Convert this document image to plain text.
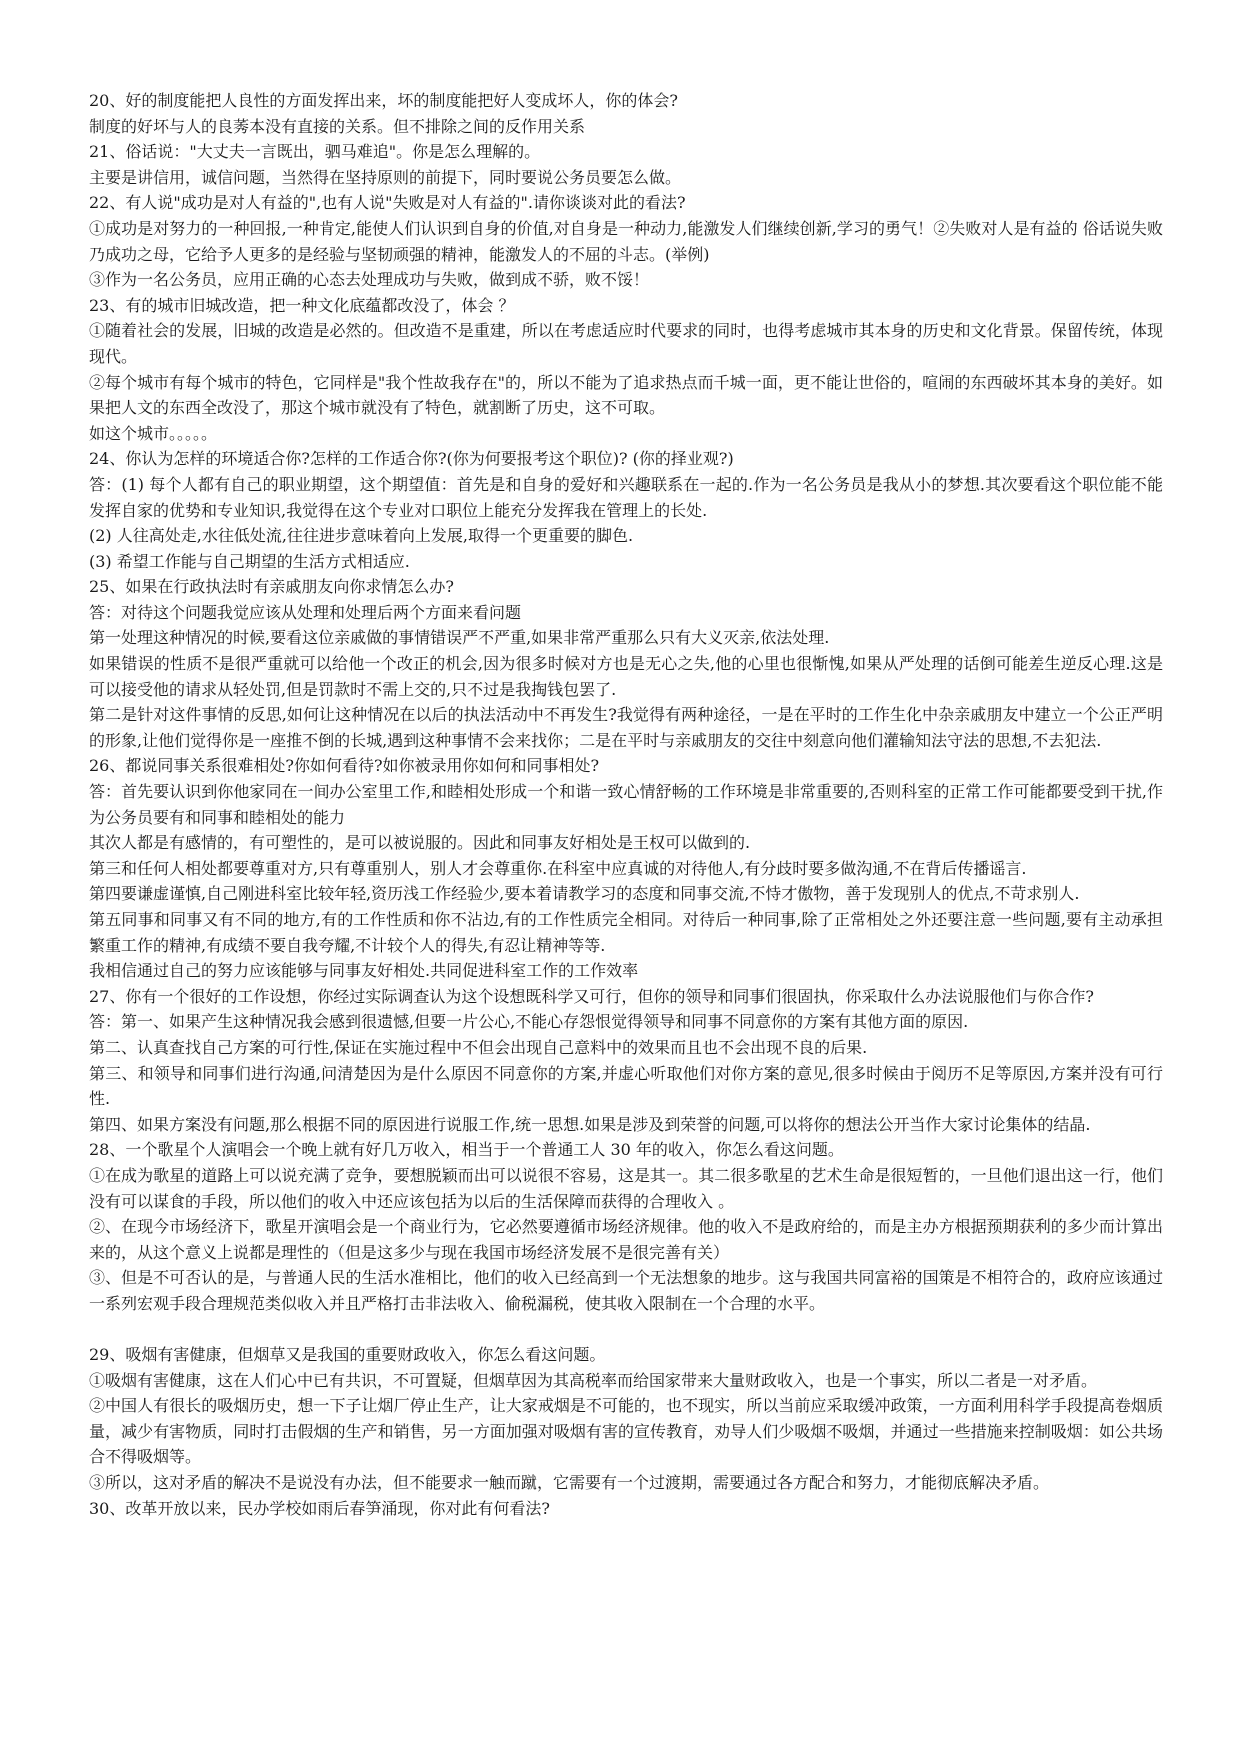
20、好的制度能把人良性的方面发挥出来，坏的制度能把好人变成坏人，你的体会?

制度的好坏与人的良莠本没有直接的关系。但不排除之间的反作用关系

21、俗话说："大丈夫一言既出，驷马难追"。你是怎么理解的。

主要是讲信用，诚信问题，当然得在坚持原则的前提下，同时要说公务员要怎么做。

22、有人说"成功是对人有益的",也有人说"失败是对人有益的".请你谈谈对此的看法?

①成功是对努力的一种回报,一种肯定,能使人们认识到自身的价值,对自身是一种动力,能激发人们继续创新,学习的勇气！②失败对人是有益的 俗话说失败乃成功之母，它给予人更多的是经验与坚韧顽强的精神，能激发人的不屈的斗志。(举例)

③作为一名公务员，应用正确的心态去处理成功与失败，做到成不骄，败不馁！

23、有的城市旧城改造，把一种文化底蕴都改没了，体会 ？

①随着社会的发展，旧城的改造是必然的。但改造不是重建，所以在考虑适应时代要求的同时，也得考虑城市其本身的历史和文化背景。保留传统，体现现代。

②每个城市有每个城市的特色，它同样是"我个性故我存在"的，所以不能为了追求热点而千城一面，更不能让世俗的，喧闹的东西破坏其本身的美好。如果把人文的东西全改没了，那这个城市就没有了特色，就割断了历史，这不可取。

如这个城市。。。。。

24、你认为怎样的环境适合你?怎样的工作适合你?(你为何要报考这个职位)? (你的择业观?)

答：(1) 每个人都有自己的职业期望，这个期望值：首先是和自身的爱好和兴趣联系在一起的.作为一名公务员是我从小的梦想.其次要看这个职位能不能发挥自家的优势和专业知识,我觉得在这个专业对口职位上能充分发挥我在管理上的长处.

(2) 人往高处走,水往低处流,往往进步意味着向上发展,取得一个更重要的脚色.

(3) 希望工作能与自己期望的生活方式相适应.

25、如果在行政执法时有亲戚朋友向你求情怎么办?

答：对待这个问题我觉应该从处理和处理后两个方面来看问题

第一处理这种情况的时候,要看这位亲戚做的事情错误严不严重,如果非常严重那么只有大义灭亲,依法处理.

如果错误的性质不是很严重就可以给他一个改正的机会,因为很多时候对方也是无心之失,他的心里也很惭愧,如果从严处理的话倒可能差生逆反心理.这是可以接受他的请求从轻处罚,但是罚款时不需上交的,只不过是我掏钱包罢了.

第二是针对这件事情的反思,如何让这种情况在以后的执法活动中不再发生?我觉得有两种途径，一是在平时的工作生化中杂亲戚朋友中建立一个公正严明的形象,让他们觉得你是一座推不倒的长城,遇到这种事情不会来找你；二是在平时与亲戚朋友的交往中刻意向他们灌输知法守法的思想,不去犯法.

26、都说同事关系很难相处?你如何看待?如你被录用你如何和同事相处?

答：首先要认识到你他家同在一间办公室里工作,和睦相处形成一个和谐一致心情舒畅的工作环境是非常重要的,否则科室的正常工作可能都要受到干扰,作为公务员要有和同事和睦相处的能力

其次人都是有感情的，有可塑性的，是可以被说服的。因此和同事友好相处是王权可以做到的.

第三和任何人相处都要尊重对方,只有尊重别人，别人才会尊重你.在科室中应真诚的对待他人,有分歧时要多做沟通,不在背后传播谣言.

第四要谦虚谨慎,自己刚进科室比较年轻,资历浅工作经验少,要本着请教学习的态度和同事交流,不恃才傲物，善于发现别人的优点,不苛求别人.

第五同事和同事又有不同的地方,有的工作性质和你不沾边,有的工作性质完全相同。对待后一种同事,除了正常相处之外还要注意一些问题,要有主动承担繁重工作的精神,有成绩不要自我夸耀,不计较个人的得失,有忍让精神等等.

我相信通过自己的努力应该能够与同事友好相处.共同促进科室工作的工作效率

27、你有一个很好的工作设想，你经过实际调查认为这个设想既科学又可行，但你的领导和同事们很固执，你采取什么办法说服他们与你合作?

答：第一、如果产生这种情况我会感到很遗憾,但要一片公心,不能心存怨恨觉得领导和同事不同意你的方案有其他方面的原因.

第二、认真查找自己方案的可行性,保证在实施过程中不但会出现自己意料中的效果而且也不会出现不良的后果.

第三、和领导和同事们进行沟通,问清楚因为是什么原因不同意你的方案,并虚心听取他们对你方案的意见,很多时候由于阅历不足等原因,方案并没有可行性.

第四、如果方案没有问题,那么根据不同的原因进行说服工作,统一思想.如果是涉及到荣誉的问题,可以将你的想法公开当作大家讨论集体的结晶.

28、一个歌星个人演唱会一个晚上就有好几万收入，相当于一个普通工人 30 年的收入，你怎么看这问题。

①在成为歌星的道路上可以说充满了竞争，要想脱颖而出可以说很不容易，这是其一。其二很多歌星的艺术生命是很短暂的，一旦他们退出这一行，他们没有可以谋食的手段，所以他们的收入中还应该包括为以后的生活保障而获得的合理收入 。

②、在现今市场经济下，歌星开演唱会是一个商业行为，它必然要遵循市场经济规律。他的收入不是政府给的，而是主办方根据预期获利的多少而计算出来的，从这个意义上说都是理性的（但是这多少与现在我国市场经济发展不是很完善有关）

③、但是不可否认的是，与普通人民的生活水准相比，他们的收入已经高到一个无法想象的地步。这与我国共同富裕的国策是不相符合的，政府应该通过一系列宏观手段合理规范类似收入并且严格打击非法收入、偷税漏税，使其收入限制在一个合理的水平。

29、吸烟有害健康，但烟草又是我国的重要财政收入，你怎么看这问题。

①吸烟有害健康，这在人们心中已有共识，不可置疑，但烟草因为其高税率而给国家带来大量财政收入，也是一个事实，所以二者是一对矛盾。

②中国人有很长的吸烟历史，想一下子让烟厂停止生产，让大家戒烟是不可能的，也不现实，所以当前应采取缓冲政策，一方面利用科学手段提高卷烟质量，减少有害物质，同时打击假烟的生产和销售，另一方面加强对吸烟有害的宣传教育，劝导人们少吸烟不吸烟，并通过一些措施来控制吸烟：如公共场合不得吸烟等。

③所以，这对矛盾的解决不是说没有办法，但不能要求一触而蹴，它需要有一个过渡期，需要通过各方配合和努力，才能彻底解决矛盾。

30、改革开放以来，民办学校如雨后春笋涌现，你对此有何看法?
